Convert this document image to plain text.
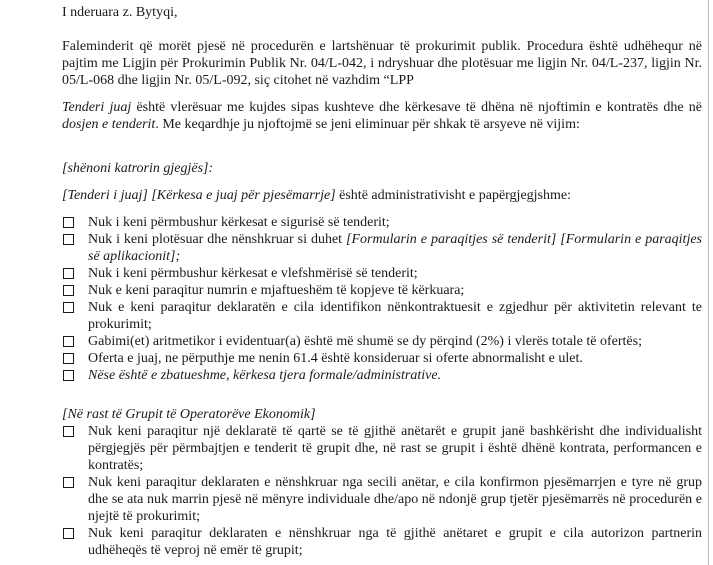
I nderuara z. Bytyqi,

Faleminderit që morët pjesë në procedurën e lartshënuar të prokurimit publik. Procedura është udhëhequr në pajtim me Ligjin për Prokurimin Publik Nr. 04/L-042, i ndryshuar dhe plotësuar me ligjin Nr. 04/L-237, ligjin Nr. 05/L-068 dhe ligjin Nr. 05/L-092, siç citohet në vazhdim “LPP

Tenderi juaj është vlerësuar me kujdes sipas kushteve dhe kërkesave të dhëna në njoftimin e kontratës dhe në dosjen e tenderit. Me keqardhje ju njoftojmë se jeni eliminuar për shkak të arsyeve në vijim:

[shënoni katrorin gjegjës]:

[Tenderi i juaj] [Kërkesa e juaj për pjesëmarrje] është administrativisht e papërgjegjshme:

Nuk i keni përmbushur kërkesat e sigurisë së tenderit;
Nuk i keni plotësuar dhe nënshkruar si duhet [Formularin e paraqitjes së tenderit] [Formularin e paraqitjes së aplikacionit];
Nuk i keni përmbushur kërkesat e vlefshmërisë së tenderit;
Nuk e keni paraqitur numrin e mjaftueshëm të kopjeve të kërkuara;
Nuk e keni paraqitur deklaratën e cila identifikon nënkontraktuesit e zgjedhur për aktivitetin relevant te prokurimit;
Gabimi(et) aritmetikor i evidentuar(a) është më shumë se dy përqind (2%) i vlerës totale të ofertës;
Oferta e juaj, ne përputhje me nenin 61.4 është konsideruar si oferte abnormalisht e ulet.
Nëse është e zbatueshme, kërkesa tjera formale/administrative.

[Në rast të Grupit të Operatorëve Ekonomik]

Nuk keni paraqitur një deklaratë të qartë se të gjithë anëtarët e grupit janë bashkërisht dhe individualisht përgjegjës për përmbajtjen e tenderit të grupit dhe, në rast se grupit i është dhënë kontrata, performancen e kontratës;
Nuk keni paraqitur deklaraten e nënshkruar nga secili anëtar, e cila konfirmon pjesëmarrjen e tyre në grup dhe se ata nuk marrin pjesë në mënyre individuale dhe/apo në ndonjë grup tjetër pjesëmarrës në procedurën e njejtë të prokurimit;
Nuk keni paraqitur deklaraten e nënshkruar nga të gjithë anëtaret e grupit e cila autorizon partnerin udhëheqës të veproj në emër të grupit;
